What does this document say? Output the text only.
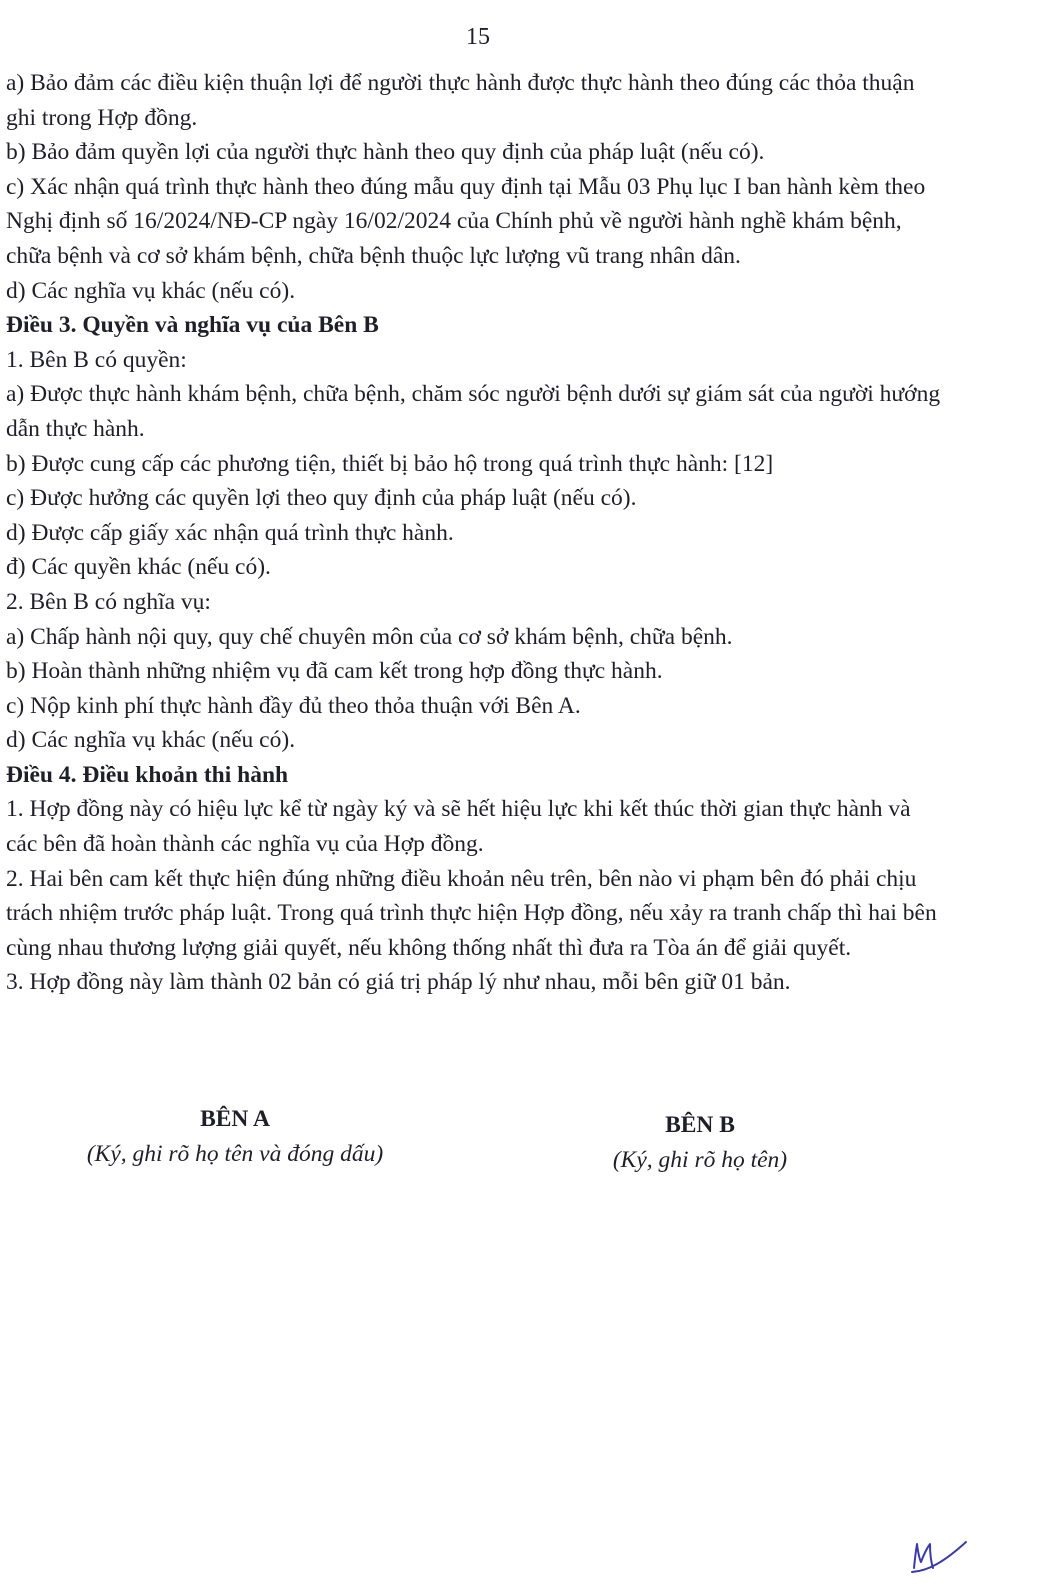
15

a) Bảo đảm các điều kiện thuận lợi để người thực hành được thực hành theo đúng các thỏa thuận ghi trong Hợp đồng.

b) Bảo đảm quyền lợi của người thực hành theo quy định của pháp luật (nếu có).

c) Xác nhận quá trình thực hành theo đúng mẫu quy định tại Mẫu 03 Phụ lục I ban hành kèm theo Nghị định số 16/2024/NĐ-CP ngày 16/02/2024 của Chính phủ về người hành nghề khám bệnh, chữa bệnh và cơ sở khám bệnh, chữa bệnh thuộc lực lượng vũ trang nhân dân.

d) Các nghĩa vụ khác (nếu có).

Điều 3. Quyền và nghĩa vụ của Bên B

1. Bên B có quyền:

a) Được thực hành khám bệnh, chữa bệnh, chăm sóc người bệnh dưới sự giám sát của người hướng dẫn thực hành.

b) Được cung cấp các phương tiện, thiết bị bảo hộ trong quá trình thực hành: [12]

c) Được hưởng các quyền lợi theo quy định của pháp luật (nếu có).

d) Được cấp giấy xác nhận quá trình thực hành.

đ) Các quyền khác (nếu có).

2. Bên B có nghĩa vụ:

a) Chấp hành nội quy, quy chế chuyên môn của cơ sở khám bệnh, chữa bệnh.

b) Hoàn thành những nhiệm vụ đã cam kết trong hợp đồng thực hành.

c) Nộp kinh phí thực hành đầy đủ theo thỏa thuận với Bên A.

d) Các nghĩa vụ khác (nếu có).

Điều 4. Điều khoản thi hành

1. Hợp đồng này có hiệu lực kể từ ngày ký và sẽ hết hiệu lực khi kết thúc thời gian thực hành và các bên đã hoàn thành các nghĩa vụ của Hợp đồng.

2. Hai bên cam kết thực hiện đúng những điều khoản nêu trên, bên nào vi phạm bên đó phải chịu trách nhiệm trước pháp luật. Trong quá trình thực hiện Hợp đồng, nếu xảy ra tranh chấp thì hai bên cùng nhau thương lượng giải quyết, nếu không thống nhất thì đưa ra Tòa án để giải quyết.

3. Hợp đồng này làm thành 02 bản có giá trị pháp lý như nhau, mỗi bên giữ 01 bản.

BÊN A
(Ký, ghi rõ họ tên và đóng dấu)
BÊN B
(Ký, ghi rõ họ tên)
